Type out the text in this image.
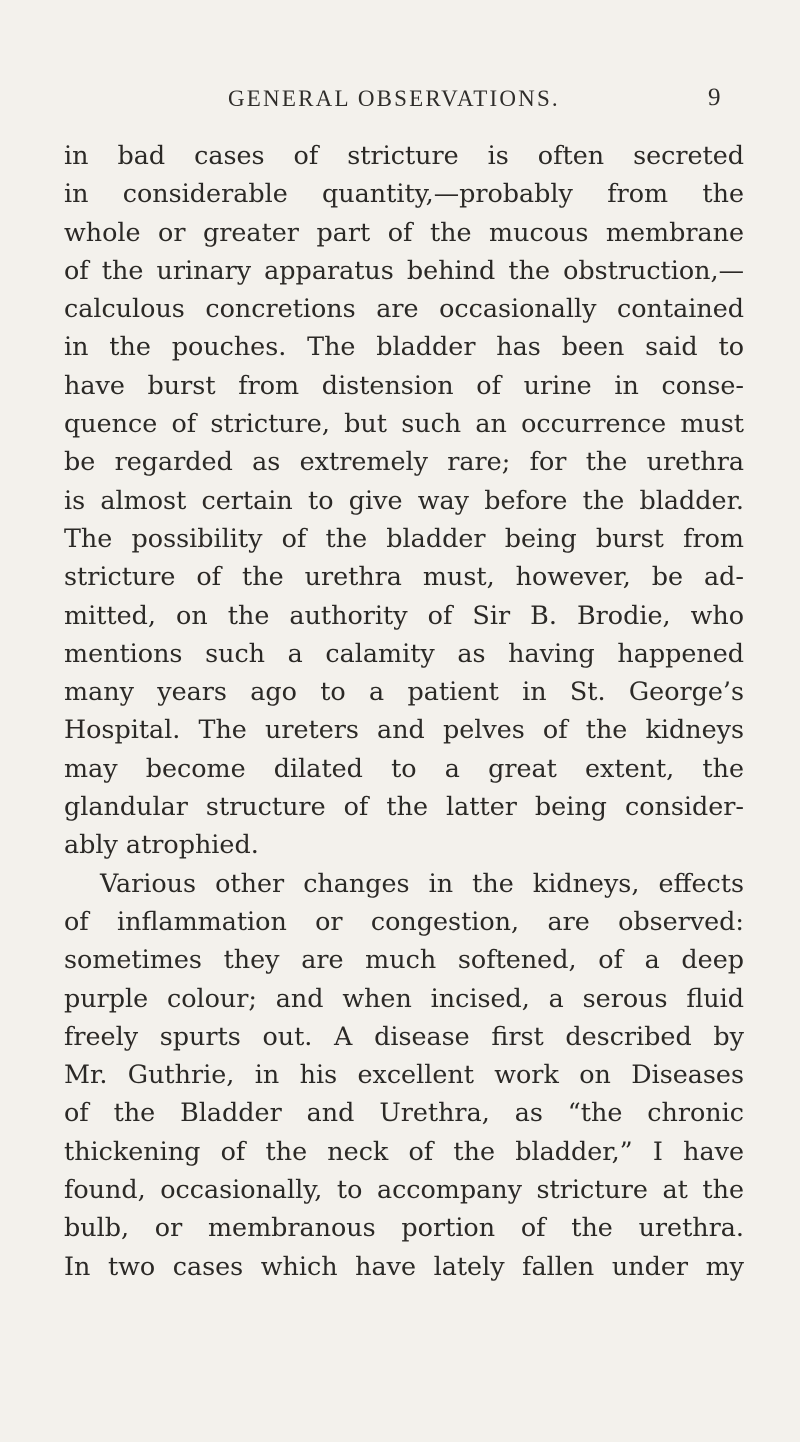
GENERAL OBSERVATIONS.	9
in bad cases of stricture is often secreted
in considerable quantity,—probably from the
whole or greater part of the mucous membrane
of the urinary apparatus behind the obstruction,—
calculous concretions are occasionally contained
in the pouches. The bladder has been said to
have burst from distension of urine in conse-
quence of stricture, but such an occurrence must
be regarded as extremely rare; for the urethra
is almost certain to give way before the bladder.
The possibility of the bladder being burst from
stricture of the urethra must, however, be ad-
mitted, on the authority of Sir B. Brodie, who
mentions such a calamity as having happened
many years ago to a patient in St. George’s
Hospital. The ureters and pelves of the kidneys
may become dilated to a great extent, the
glandular structure of the latter being consider-
ably atrophied.
Various other changes in the kidneys, effects
of inflammation or congestion, are observed:
sometimes they are much softened, of a deep
purple colour; and when incised, a serous fluid
freely spurts out. A disease first described by
Mr. Guthrie, in his excellent work on Diseases
of the Bladder and Urethra, as “the chronic
thickening of the neck of the bladder,” I have
found, occasionally, to accompany stricture at the
bulb, or membranous portion of the urethra.
In two cases which have lately fallen under my
